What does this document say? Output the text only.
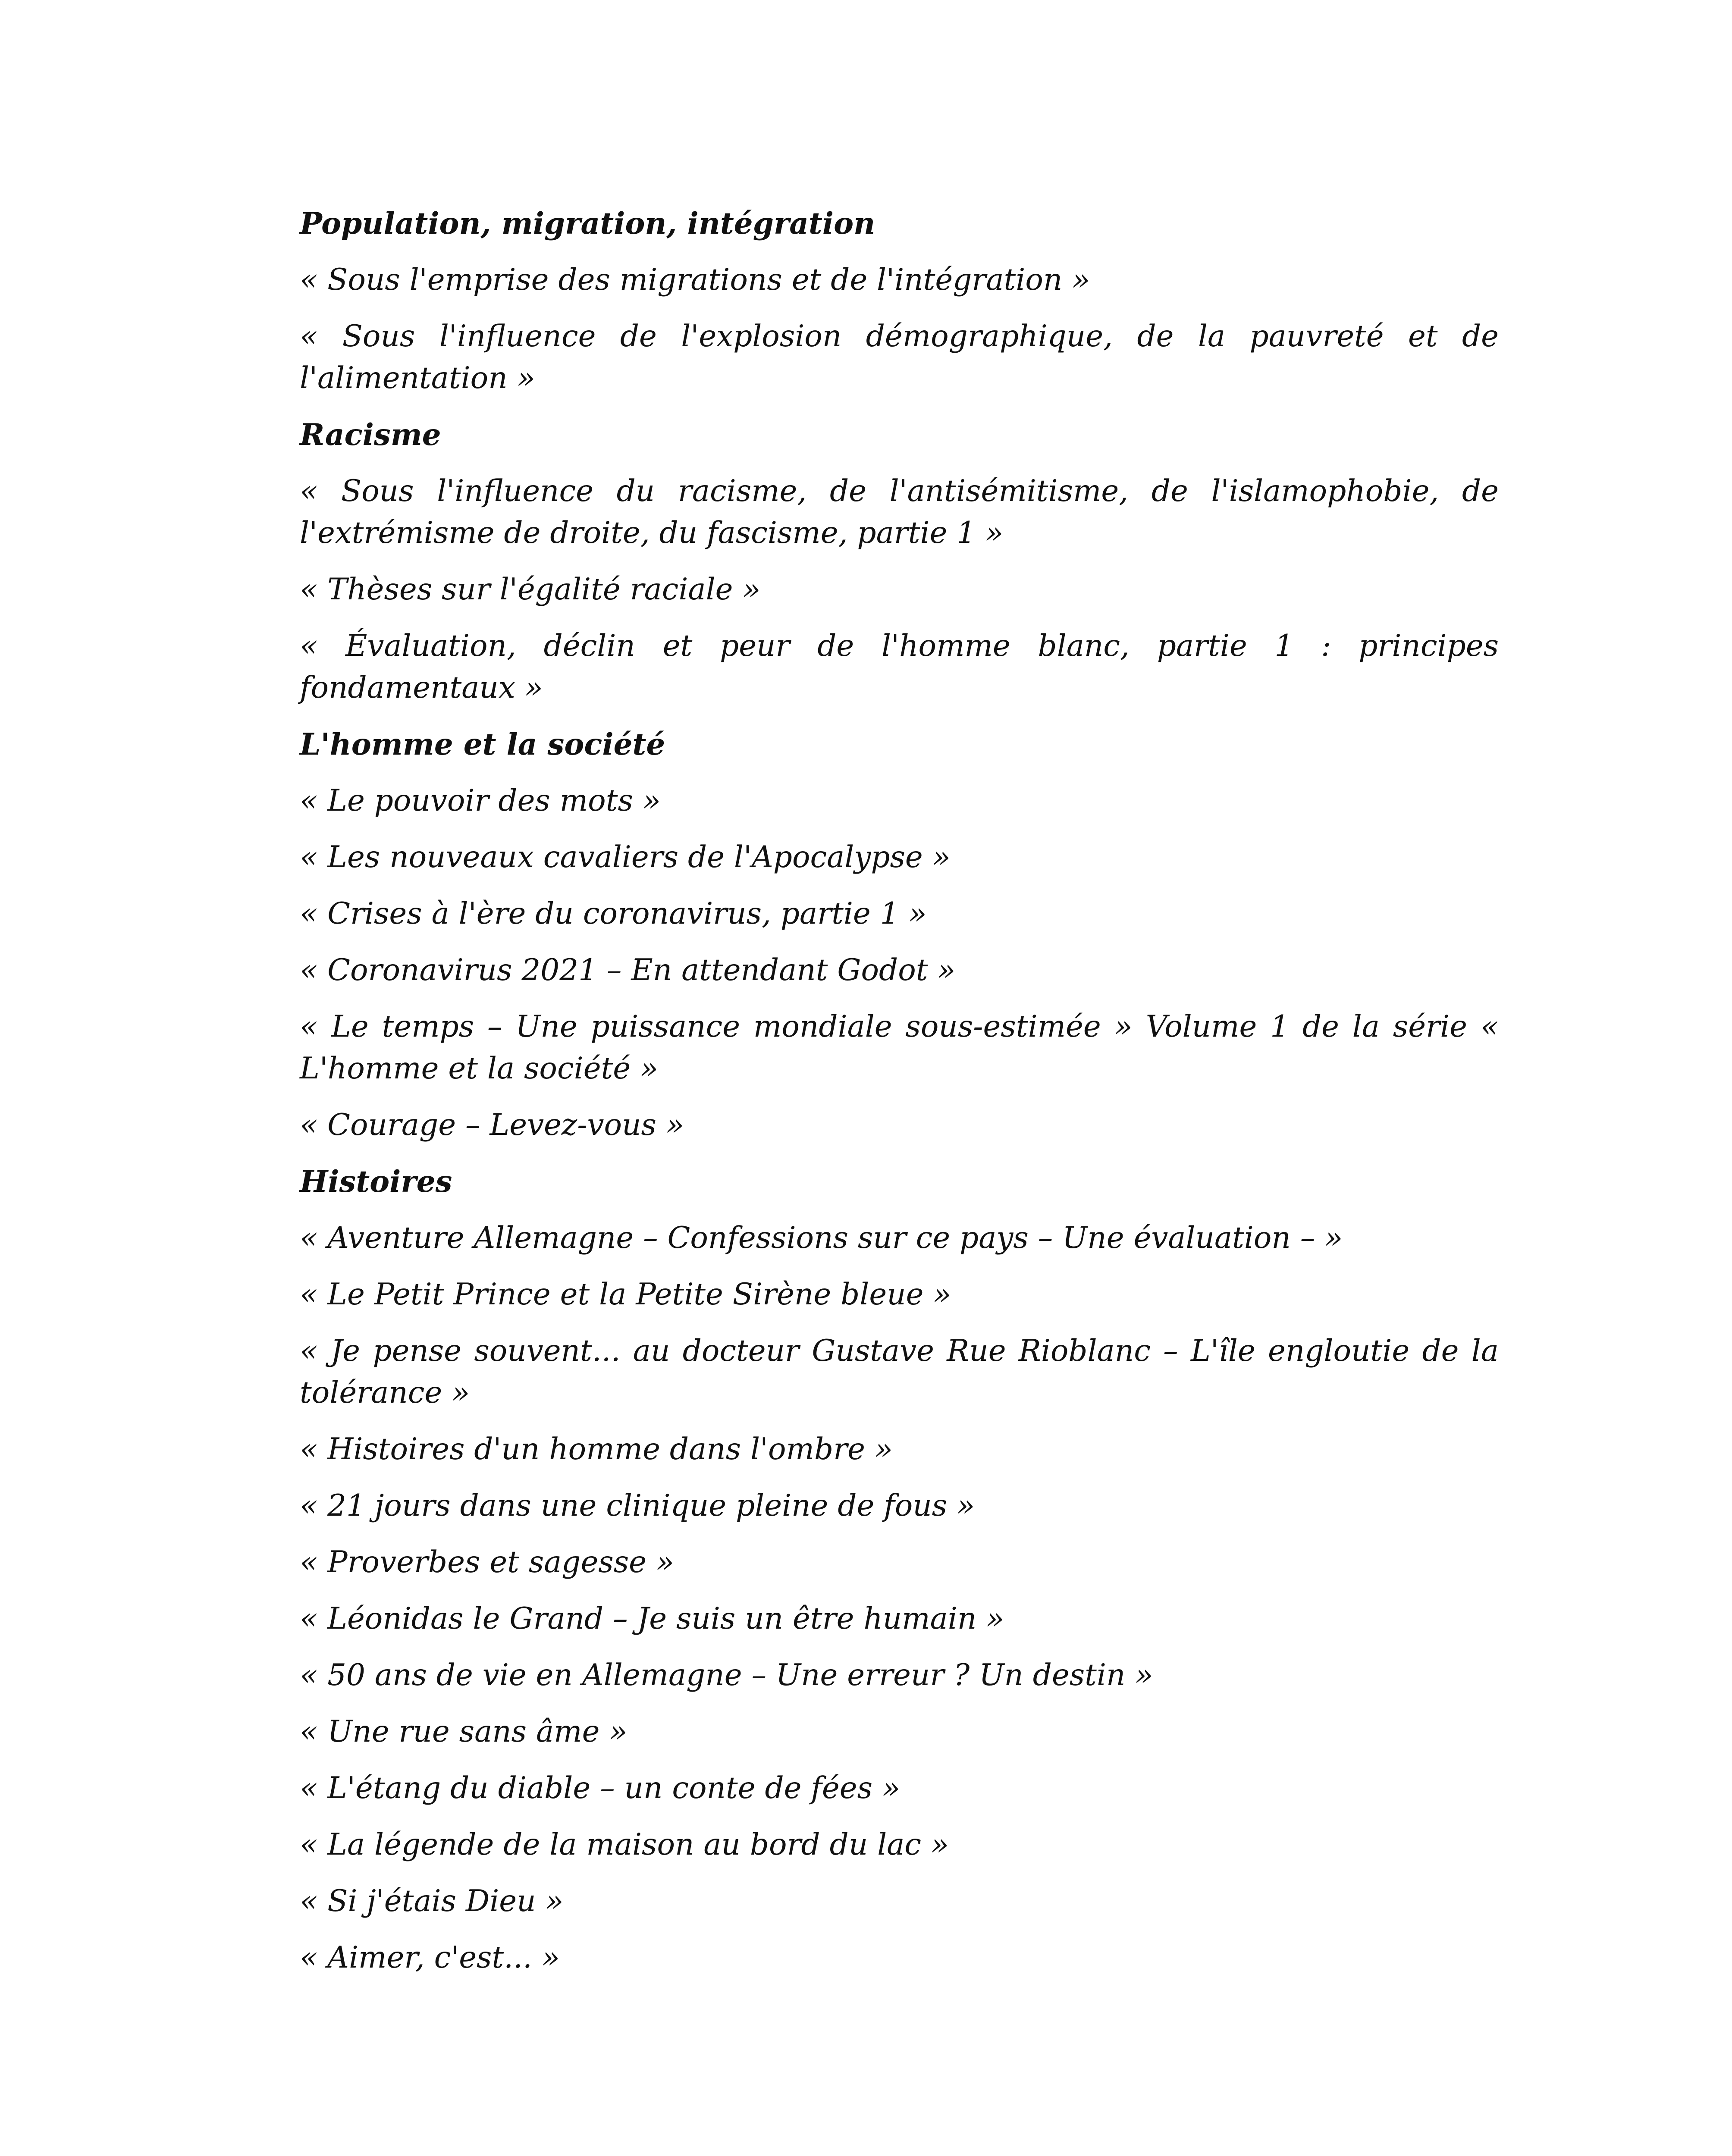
Population, migration, intégration
« Sous l'emprise des migrations et de l'intégration »
« Sous l'influence de l'explosion démographique, de la pauvreté et de l'alimentation »
Racisme
« Sous l'influence du racisme, de l'antisémitisme, de l'islamophobie, de l'extrémisme de droite, du fascisme, partie 1 »
« Thèses sur l'égalité raciale »
« Évaluation, déclin et peur de l'homme blanc, partie 1 : principes fondamentaux »
L'homme et la société
« Le pouvoir des mots »
« Les nouveaux cavaliers de l'Apocalypse »
« Crises à l'ère du coronavirus, partie 1 »
« Coronavirus 2021 – En attendant Godot »
« Le temps – Une puissance mondiale sous-estimée » Volume 1 de la série « L'homme et la société »
« Courage – Levez-vous »
Histoires
« Aventure Allemagne – Confessions sur ce pays – Une évaluation – »
« Le Petit Prince et la Petite Sirène bleue »
« Je pense souvent... au docteur Gustave Rue Rioblanc – L'île engloutie de la tolérance »
« Histoires d'un homme dans l'ombre »
« 21 jours dans une clinique pleine de fous »
« Proverbes et sagesse »
« Léonidas le Grand – Je suis un être humain »
« 50 ans de vie en Allemagne – Une erreur ? Un destin »
« Une rue sans âme »
« L'étang du diable – un conte de fées »
« La légende de la maison au bord du lac »
« Si j'étais Dieu »
« Aimer, c'est... »
